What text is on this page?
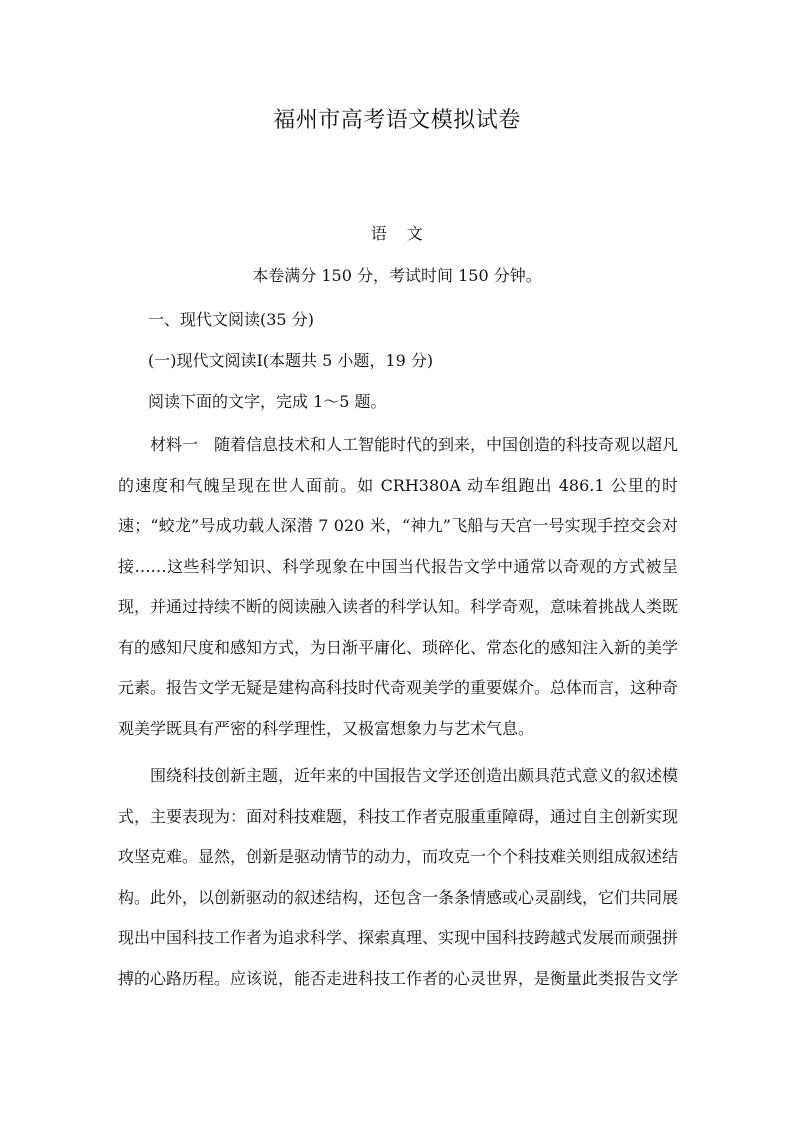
福州市高考语文模拟试卷
语 文
本卷满分 150 分，考试时间 150 分钟。
一、现代文阅读(35 分)
(一)现代文阅读Ⅰ(本题共 5 小题，19 分)
阅读下面的文字，完成 1～5 题。

材料一　随着信息技术和人工智能时代的到来，中国创造的科技奇观以超凡的速度和气魄呈现在世人面前。如 CRH380A 动车组跑出 486.1 公里的时速；“蛟龙”号成功载人深潜 7 020 米，“神九”飞船与天宫一号实现手控交会对接……这些科学知识、科学现象在中国当代报告文学中通常以奇观的方式被呈现，并通过持续不断的阅读融入读者的科学认知。科学奇观，意味着挑战人类既有的感知尺度和感知方式，为日渐平庸化、琐碎化、常态化的感知注入新的美学元素。报告文学无疑是建构高科技时代奇观美学的重要媒介。总体而言，这种奇观美学既具有严密的科学理性，又极富想象力与艺术气息。

围绕科技创新主题，近年来的中国报告文学还创造出颇具范式意义的叙述模式，主要表现为：面对科技难题，科技工作者克服重重障碍，通过自主创新实现攻坚克难。显然，创新是驱动情节的动力，而攻克一个个科技难关则组成叙述结构。此外，以创新驱动的叙述结构，还包含一条条情感或心灵副线，它们共同展现出中国科技工作者为追求科学、探索真理、实现中国科技跨越式发展而顽强拼搏的心路历程。应该说，能否走进科技工作者的心灵世界，是衡量此类报告文学
